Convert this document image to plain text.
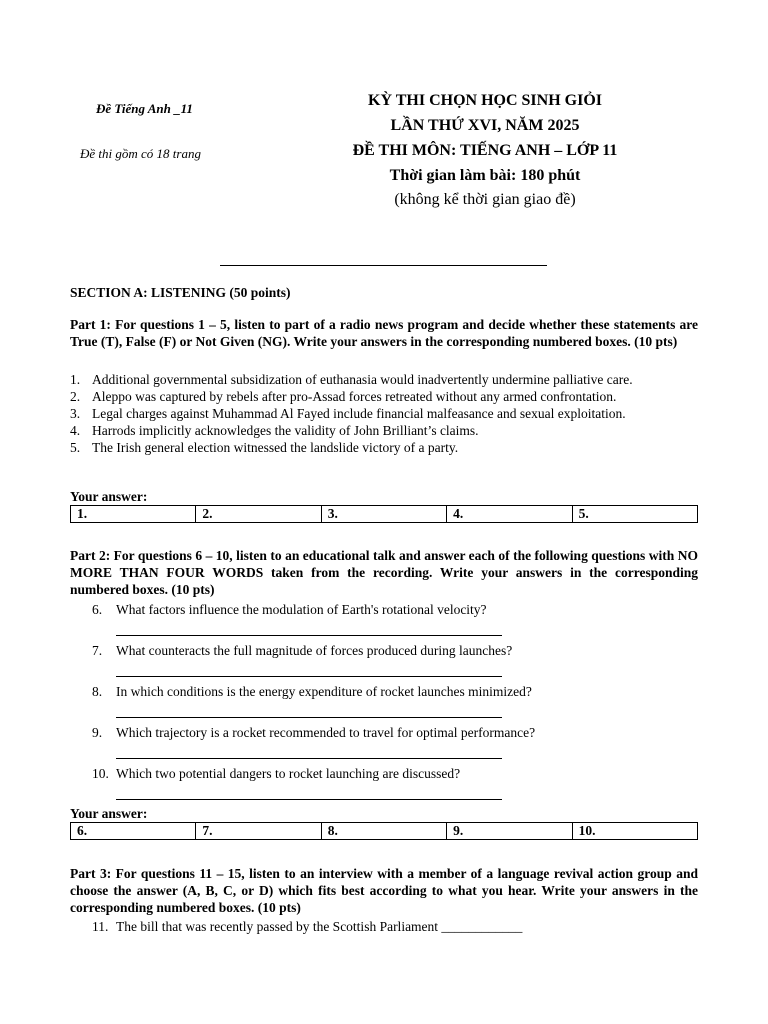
Đề Tiếng Anh _11
Đề thi gồm có 18 trang
KỲ THI CHỌN HỌC SINH GIỎI
LẦN THỨ XVI, NĂM 2025
ĐỀ THI MÔN: TIẾNG ANH – LỚP 11
Thời gian làm bài: 180 phút
(không kể thời gian giao đề)
SECTION A: LISTENING (50 points)
Part 1: For questions 1 – 5, listen to part of a radio news program and decide whether these statements are True (T), False (F) or Not Given (NG). Write your answers in the corresponding numbered boxes. (10 pts)
1. Additional governmental subsidization of euthanasia would inadvertently undermine palliative care.
2. Aleppo was captured by rebels after pro-Assad forces retreated without any armed confrontation.
3. Legal charges against Muhammad Al Fayed include financial malfeasance and sexual exploitation.
4. Harrods implicitly acknowledges the validity of John Brilliant’s claims.
5. The Irish general election witnessed the landslide victory of a party.
Your answer:
1.	2.	3.	4.	5.
Part 2: For questions 6 – 10, listen to an educational talk and answer each of the following questions with NO MORE THAN FOUR WORDS taken from the recording. Write your answers in the corresponding numbered boxes. (10 pts)
6.	What factors influence the modulation of Earth's rotational velocity?
7.	What counteracts the full magnitude of forces produced during launches?
8.	In which conditions is the energy expenditure of rocket launches minimized?
9.	Which trajectory is a rocket recommended to travel for optimal performance?
10. Which two potential dangers to rocket launching are discussed?
Your answer:
6.	7.	8.	9.	10.
Part 3: For questions 11 – 15, listen to an interview with a member of a language revival action group and choose the answer (A, B, C, or D) which fits best according to what you hear. Write your answers in the corresponding numbered boxes. (10 pts)
11. The bill that was recently passed by the Scottish Parliament ____________
